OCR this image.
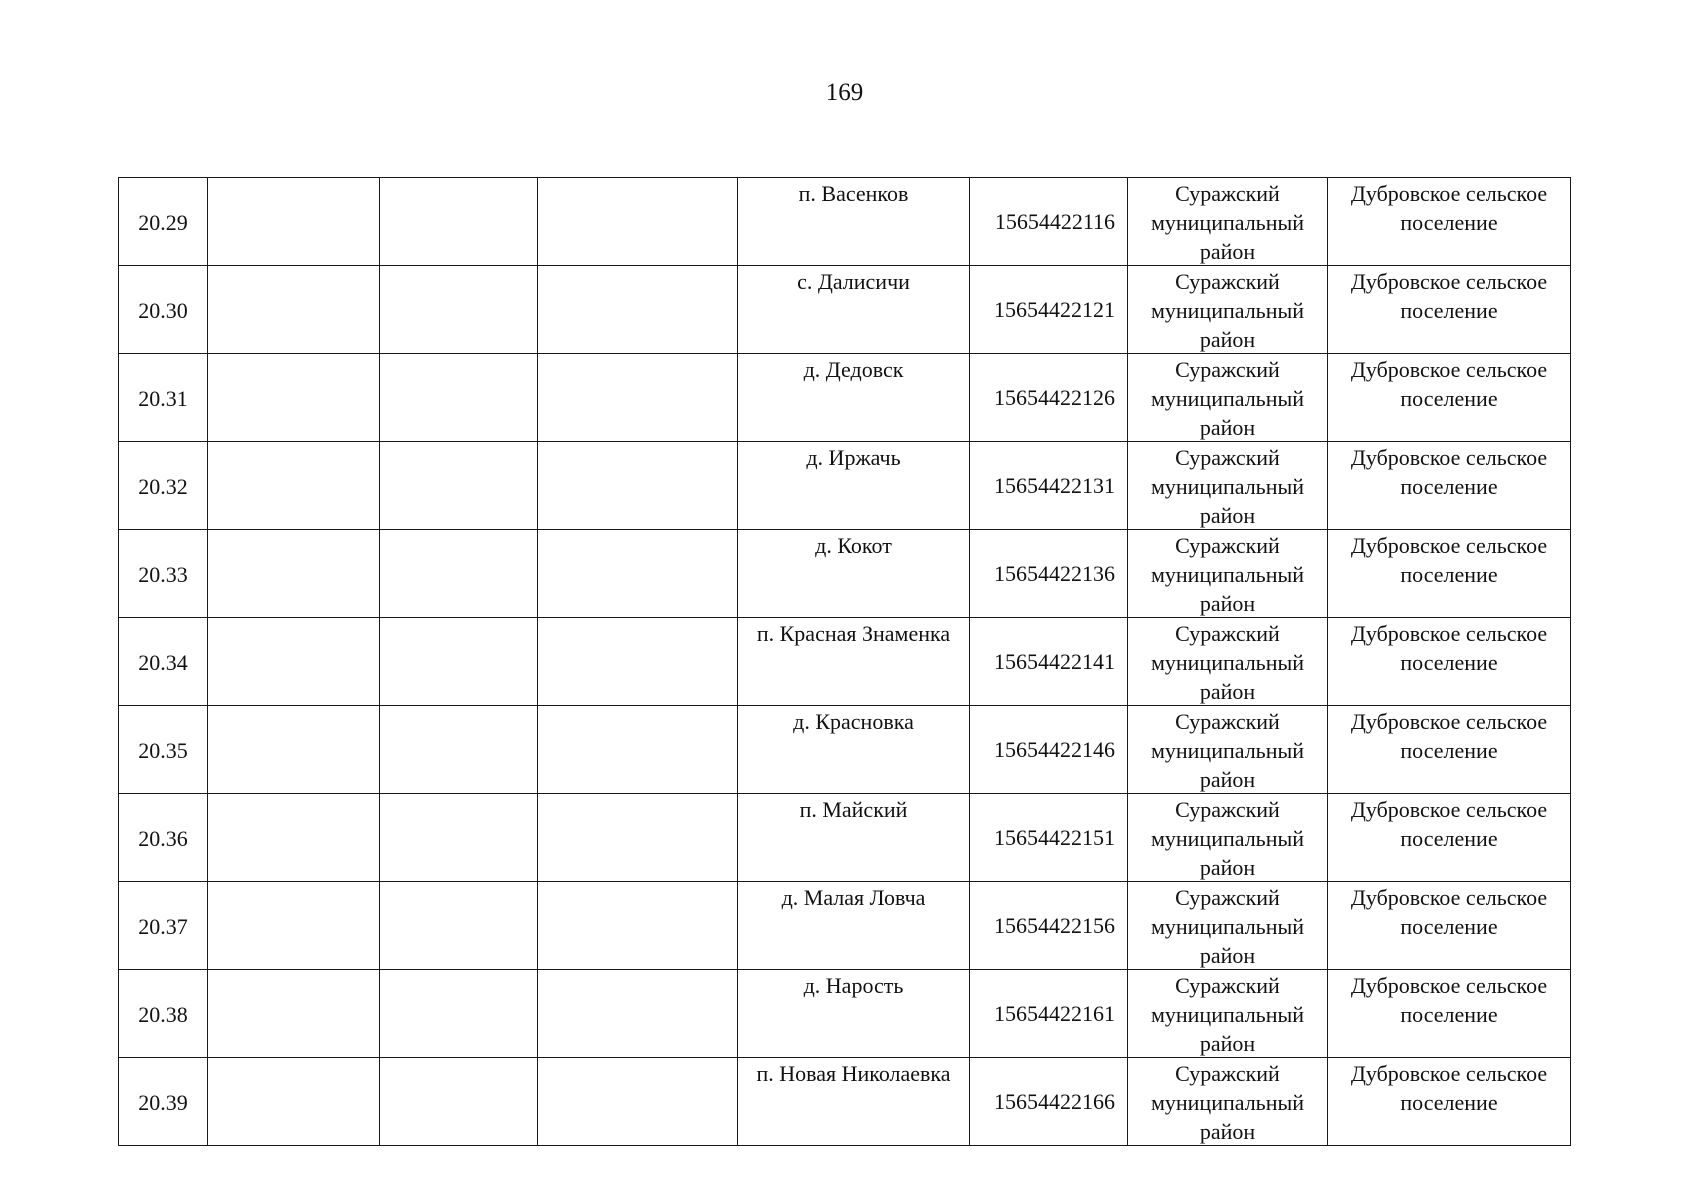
169
20.29				п. Васенков	15654422116	Суражский
муниципальный
район	Дубровское сельское
поселение

20.30				с. Далисичи	15654422121	Суражский
муниципальный
район	Дубровское сельское
поселение

20.31				д. Дедовск	15654422126	Суражский
муниципальный
район	Дубровское сельское
поселение

20.32				д. Иржачь	15654422131	Суражский
муниципальный
район	Дубровское сельское
поселение

20.33				д. Кокот	15654422136	Суражский
муниципальный
район	Дубровское сельское
поселение

20.34				п. Красная Знаменка	15654422141	Суражский
муниципальный
район	Дубровское сельское
поселение

20.35				д. Красновка	15654422146	Суражский
муниципальный
район	Дубровское сельское
поселение

20.36				п. Майский	15654422151	Суражский
муниципальный
район	Дубровское сельское
поселение

20.37				д. Малая Ловча	15654422156	Суражский
муниципальный
район	Дубровское сельское
поселение

20.38				д. Нарость	15654422161	Суражский
муниципальный
район	Дубровское сельское
поселение

20.39				п. Новая Николаевка	15654422166	Суражский
муниципальный
район	Дубровское сельское
поселение
